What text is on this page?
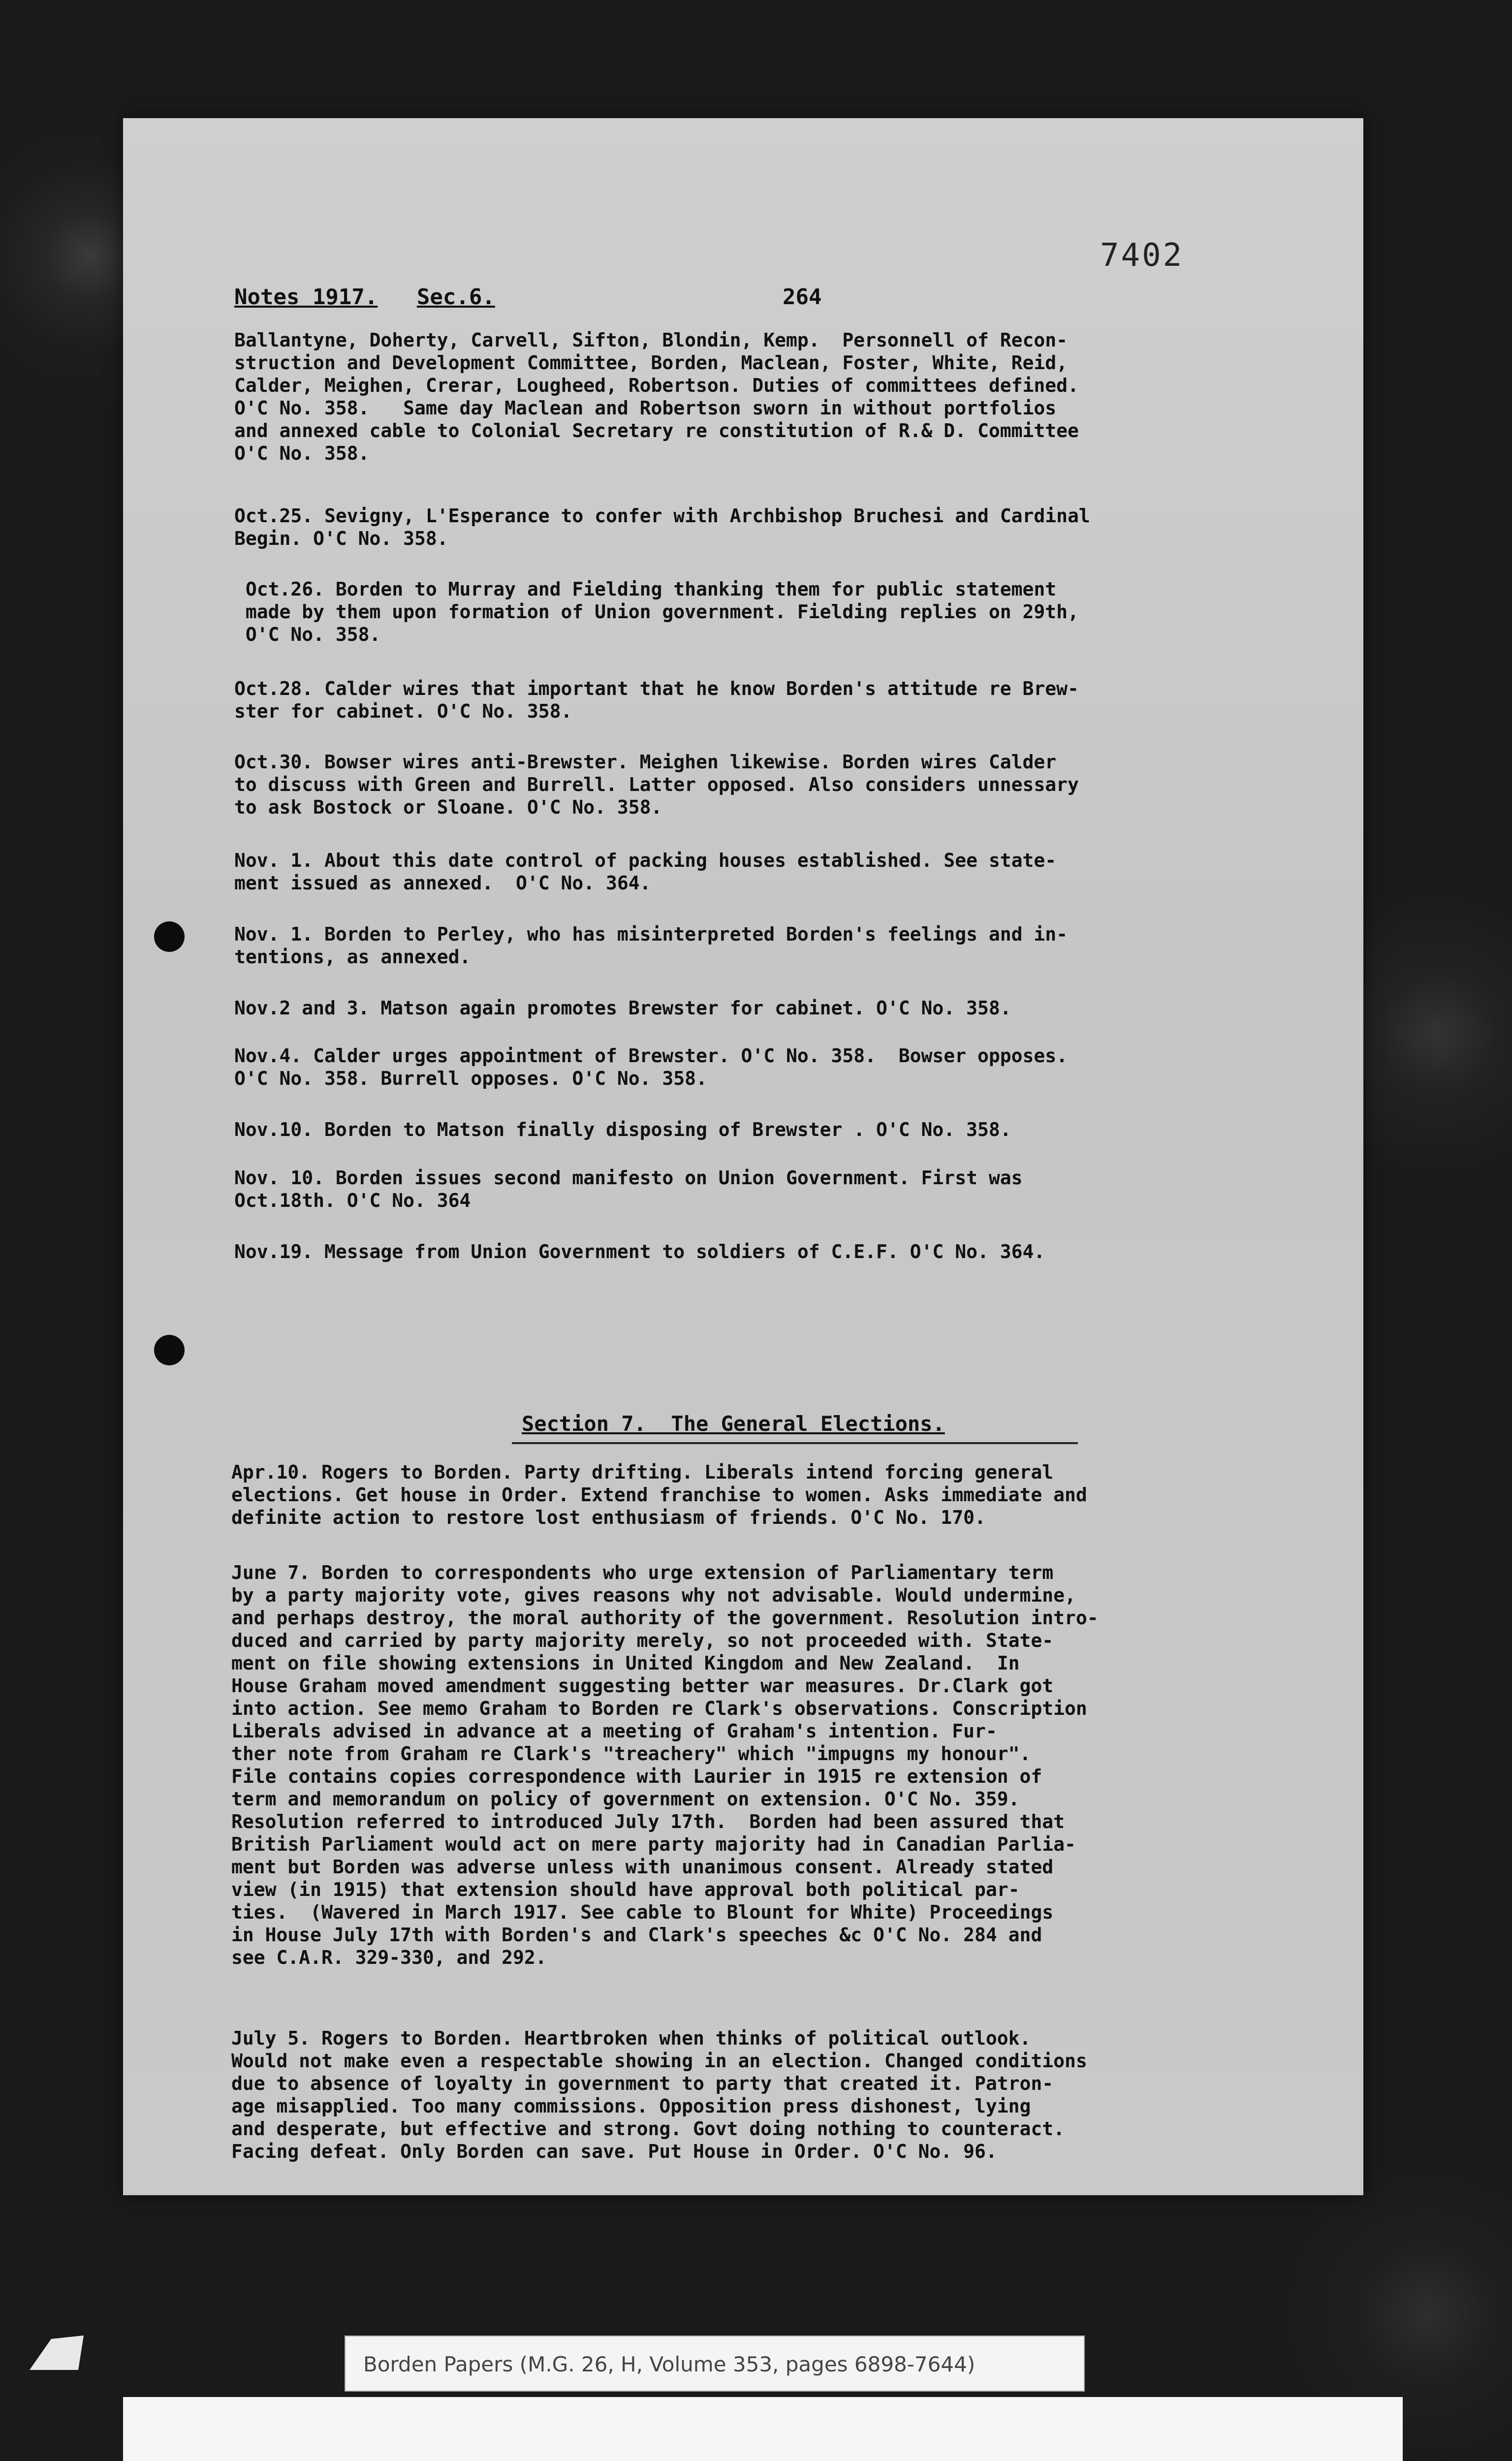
7402
Notes 1917. Sec.6.	264
Ballantyne, Doherty, Carvell, Sifton, Blondin, Kemp.  Personnell of Recon-
struction and Development Committee, Borden, Maclean, Foster, White, Reid,
Calder, Meighen, Crerar, Lougheed, Robertson. Duties of committees defined.
O'C No. 358.   Same day Maclean and Robertson sworn in without portfolios
and annexed cable to Colonial Secretary re constitution of R.& D. Committee
O'C No. 358.
Oct.25. Sevigny, L'Esperance to confer with Archbishop Bruchesi and Cardinal
Begin. O'C No. 358.
Oct.26. Borden to Murray and Fielding thanking them for public statement
made by them upon formation of Union government. Fielding replies on 29th,
O'C No. 358.
Oct.28. Calder wires that important that he know Borden's attitude re Brew-
ster for cabinet. O'C No. 358.
Oct.30. Bowser wires anti-Brewster. Meighen likewise. Borden wires Calder
to discuss with Green and Burrell. Latter opposed. Also considers unnessary
to ask Bostock or Sloane. O'C No. 358.
Nov. 1. About this date control of packing houses established. See state-
ment issued as annexed.  O'C No. 364.
Nov. 1. Borden to Perley, who has misinterpreted Borden's feelings and in-
tentions, as annexed.
Nov.2 and 3. Matson again promotes Brewster for cabinet. O'C No. 358.
Nov.4. Calder urges appointment of Brewster. O'C No. 358.  Bowser opposes.
O'C No. 358. Burrell opposes. O'C No. 358.
Nov.10. Borden to Matson finally disposing of Brewster . O'C No. 358.
Nov. 10. Borden issues second manifesto on Union Government. First was
Oct.18th. O'C No. 364
Nov.19. Message from Union Government to soldiers of C.E.F. O'C No. 364.
Section 7.  The General Elections.
Apr.10. Rogers to Borden. Party drifting. Liberals intend forcing general
elections. Get house in Order. Extend franchise to women. Asks immediate and
definite action to restore lost enthusiasm of friends. O'C No. 170.
June 7. Borden to correspondents who urge extension of Parliamentary term
by a party majority vote, gives reasons why not advisable. Would undermine,
and perhaps destroy, the moral authority of the government. Resolution intro-
duced and carried by party majority merely, so not proceeded with. State-
ment on file showing extensions in United Kingdom and New Zealand.  In
House Graham moved amendment suggesting better war measures. Dr.Clark got
into action. See memo Graham to Borden re Clark's observations. Conscription
Liberals advised in advance at a meeting of Graham's intention. Fur-
ther note from Graham re Clark's "treachery" which "impugns my honour".
File contains copies correspondence with Laurier in 1915 re extension of
term and memorandum on policy of government on extension. O'C No. 359.
Resolution referred to introduced July 17th.  Borden had been assured that
British Parliament would act on mere party majority had in Canadian Parlia-
ment but Borden was adverse unless with unanimous consent. Already stated
view (in 1915) that extension should have approval both political par-
ties.  (Wavered in March 1917. See cable to Blount for White) Proceedings
in House July 17th with Borden's and Clark's speeches &c O'C No. 284 and
see C.A.R. 329-330, and 292.
July 5. Rogers to Borden. Heartbroken when thinks of political outlook.
Would not make even a respectable showing in an election. Changed conditions
due to absence of loyalty in government to party that created it. Patron-
age misapplied. Too many commissions. Opposition press dishonest, lying
and desperate, but effective and strong. Govt doing nothing to counteract.
Facing defeat. Only Borden can save. Put House in Order. O'C No. 96.
Borden Papers (M.G. 26, H, Volume 353, pages 6898-7644)
